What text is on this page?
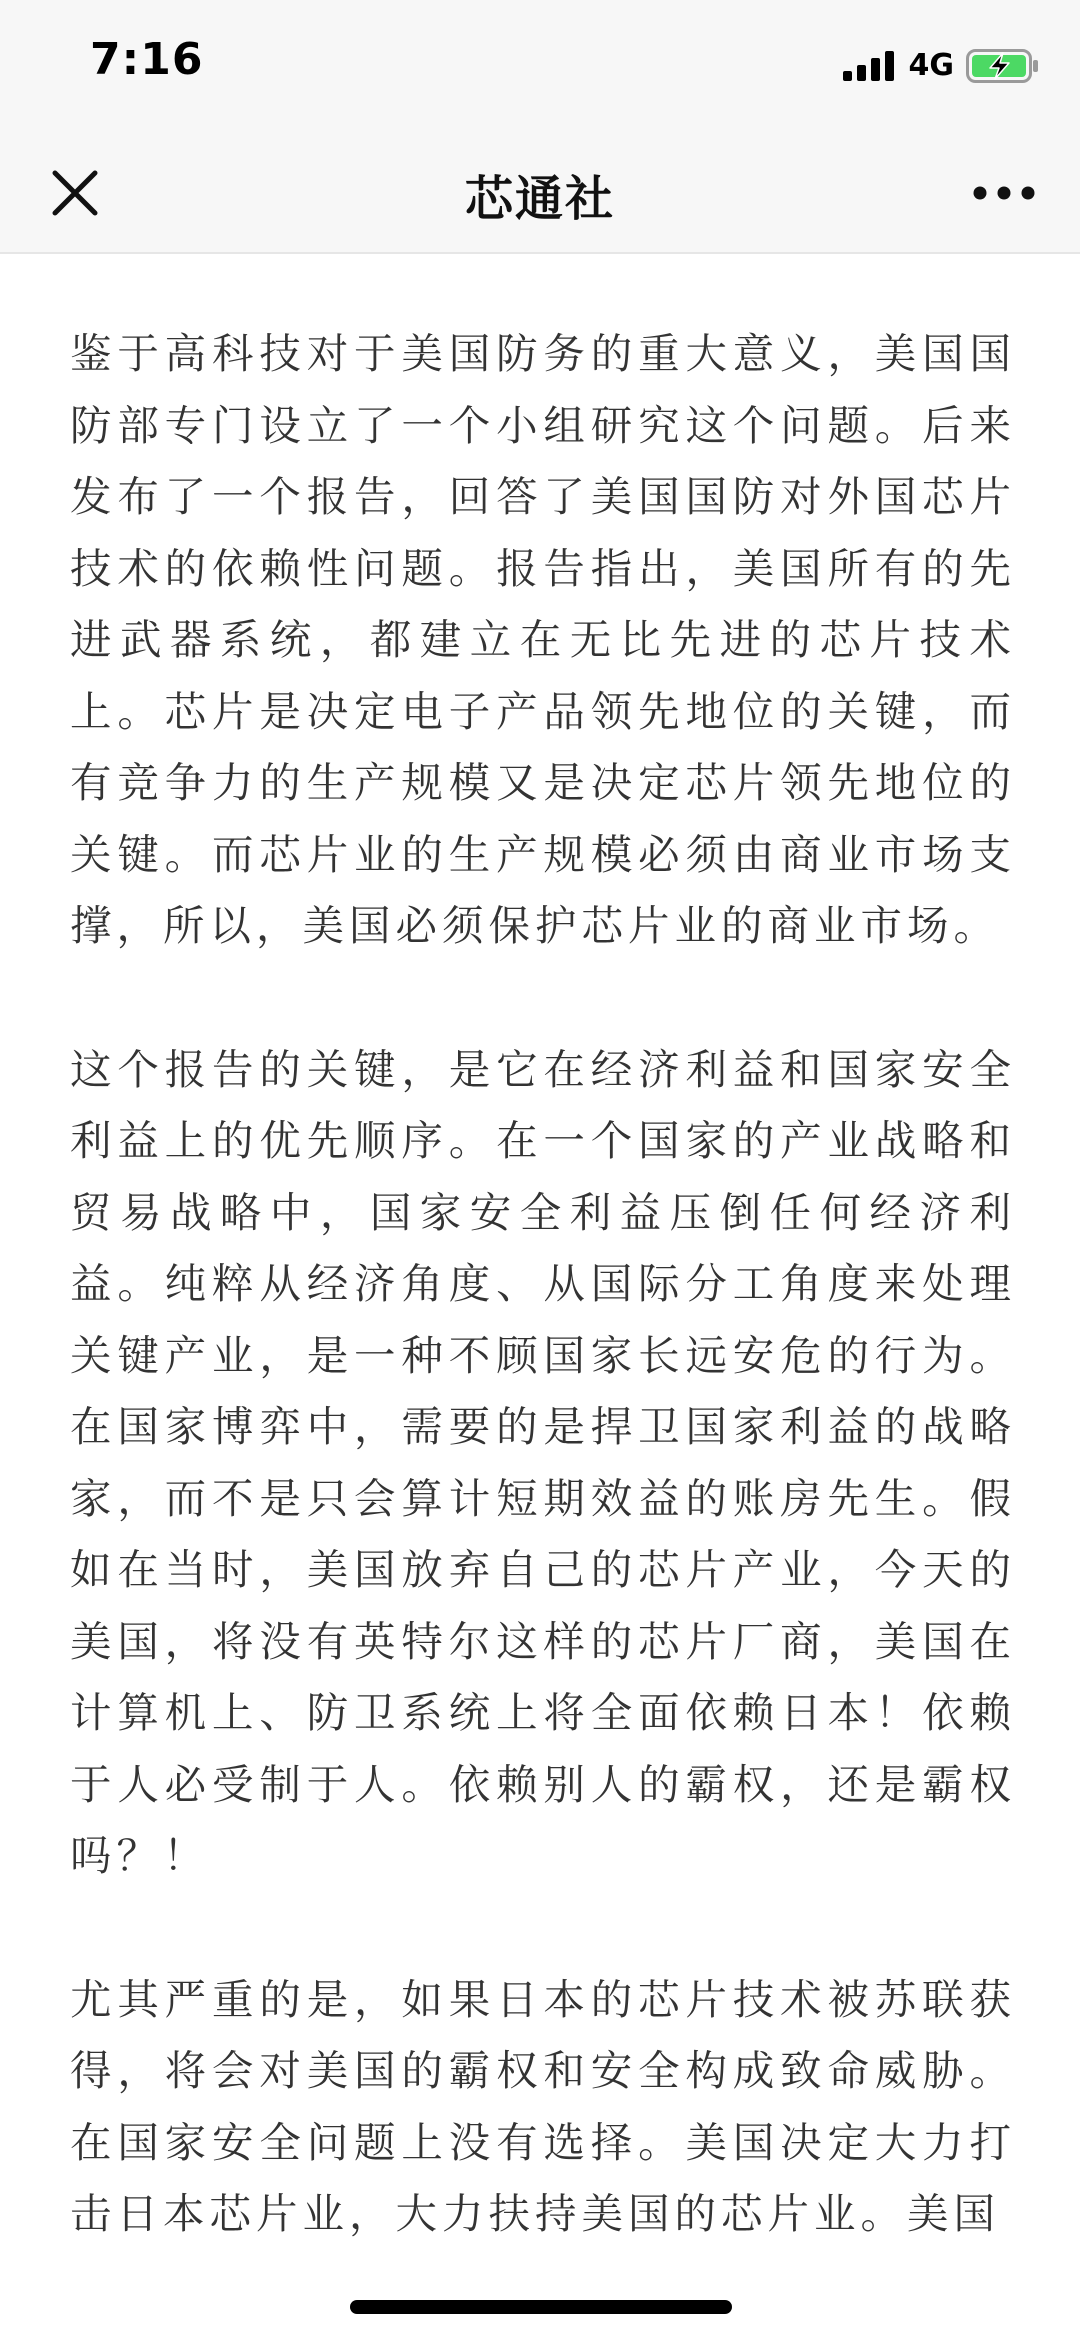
7:16	4G
芯通社

鉴于高科技对于美国防务的重大意义，美国国防部专门设立了一个小组研究这个问题。后来发布了一个报告，回答了美国国防对外国芯片技术的依赖性问题。报告指出，美国所有的先进武器系统，都建立在无比先进的芯片技术上。芯片是决定电子产品领先地位的关键，而有竞争力的生产规模又是决定芯片领先地位的关键。而芯片业的生产规模必须由商业市场支撑，所以，美国必须保护芯片业的商业市场。

这个报告的关键，是它在经济利益和国家安全利益上的优先顺序。在一个国家的产业战略和贸易战略中，国家安全利益压倒任何经济利益。纯粹从经济角度、从国际分工角度来处理关键产业，是一种不顾国家长远安危的行为。在国家博弈中，需要的是捍卫国家利益的战略家，而不是只会算计短期效益的账房先生。假如在当时，美国放弃自己的芯片产业，今天的美国，将没有英特尔这样的芯片厂商，美国在计算机上、防卫系统上将全面依赖日本！依赖于人必受制于人。依赖别人的霸权，还是霸权吗？！

尤其严重的是，如果日本的芯片技术被苏联获得，将会对美国的霸权和安全构成致命威胁。在国家安全问题上没有选择。美国决定大力打击日本芯片业，大力扶持美国的芯片业。美国
